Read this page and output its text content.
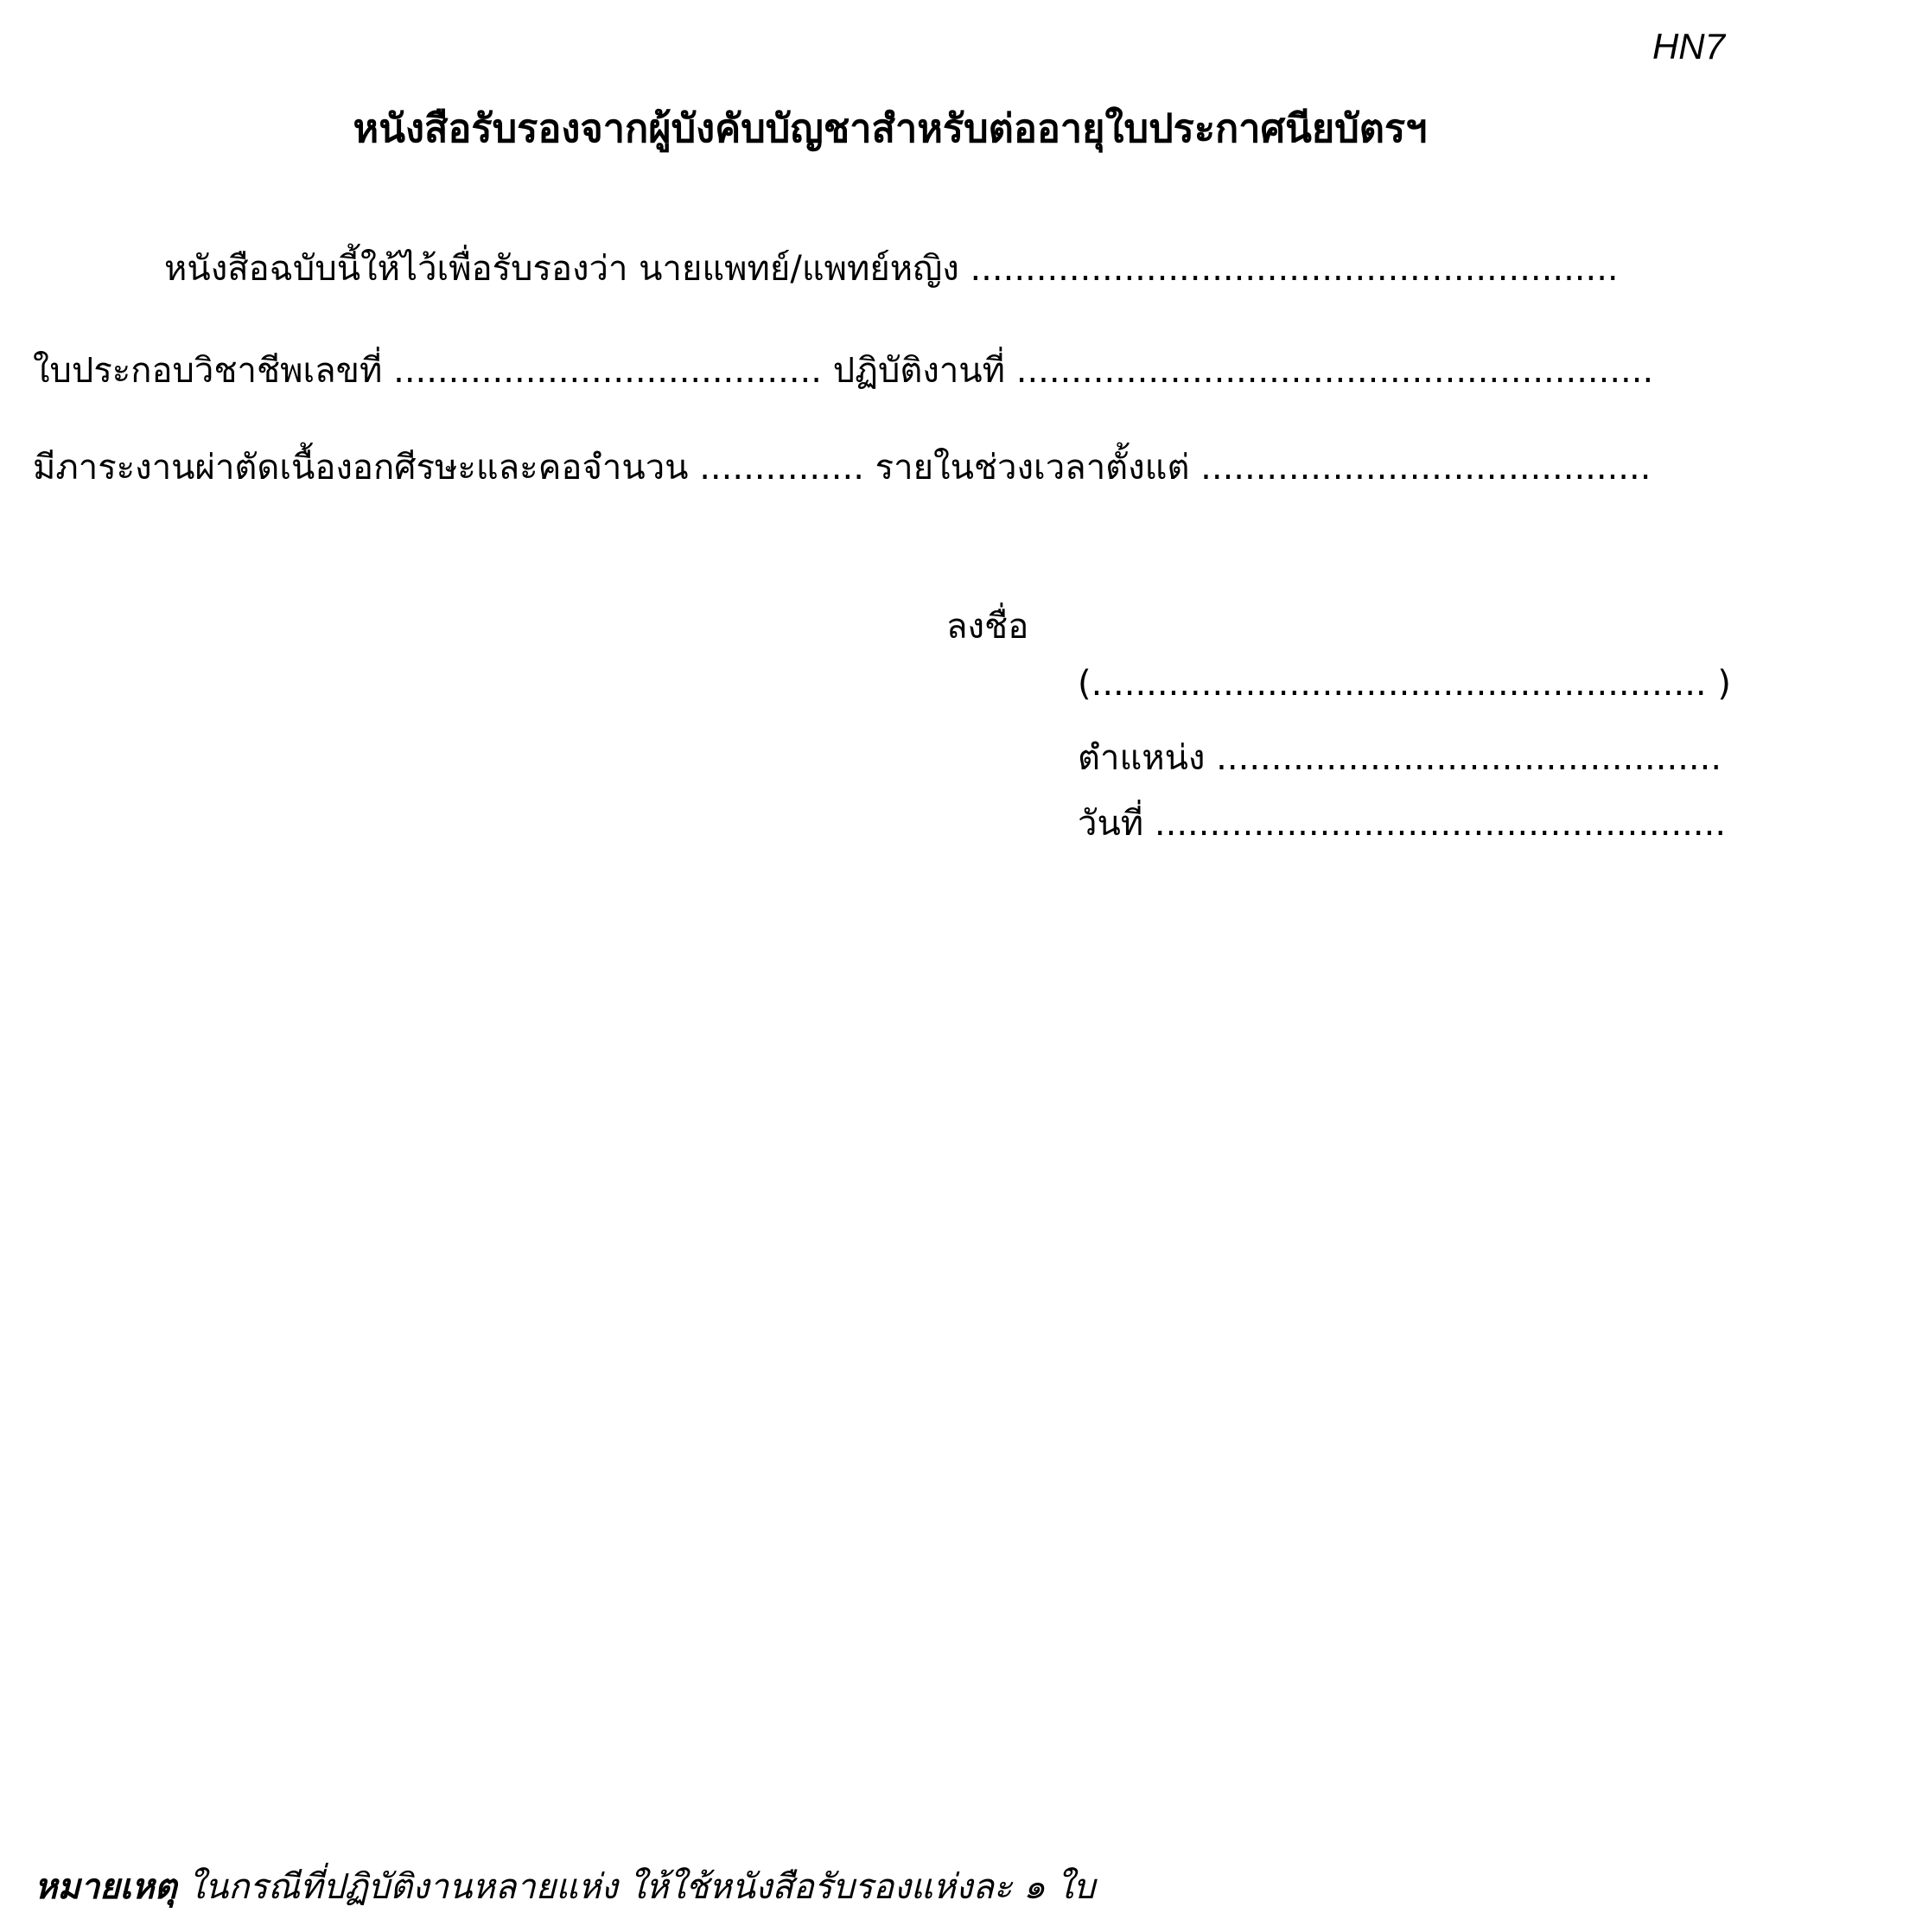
HN7
หนังสือรับรองจากผู้บังคับบัญชาสำหรับต่ออายุใบประกาศนียบัตรฯ
หนังสือฉบับนี้ให้ไว้เพื่อรับรองว่า นายแพทย์/แพทย์หญิง ...........................................................
ใบประกอบวิชาชีพเลขที่ ....................................... ปฏิบัติงานที่ ..........................................................
มีภาระงานผ่าตัดเนื้องอกศีรษะและคอจำนวน ............... รายในช่วงเวลาตั้งแต่ .........................................
ลงชื่อ
(........................................................ )
ตำแหน่ง ..............................................
วันที่ ....................................................
หมายเหตุ ในกรณีที่ปฏิบัติงานหลายแห่ง ให้ใช้หนังสือรับรองแห่งละ ๑ ใบ
